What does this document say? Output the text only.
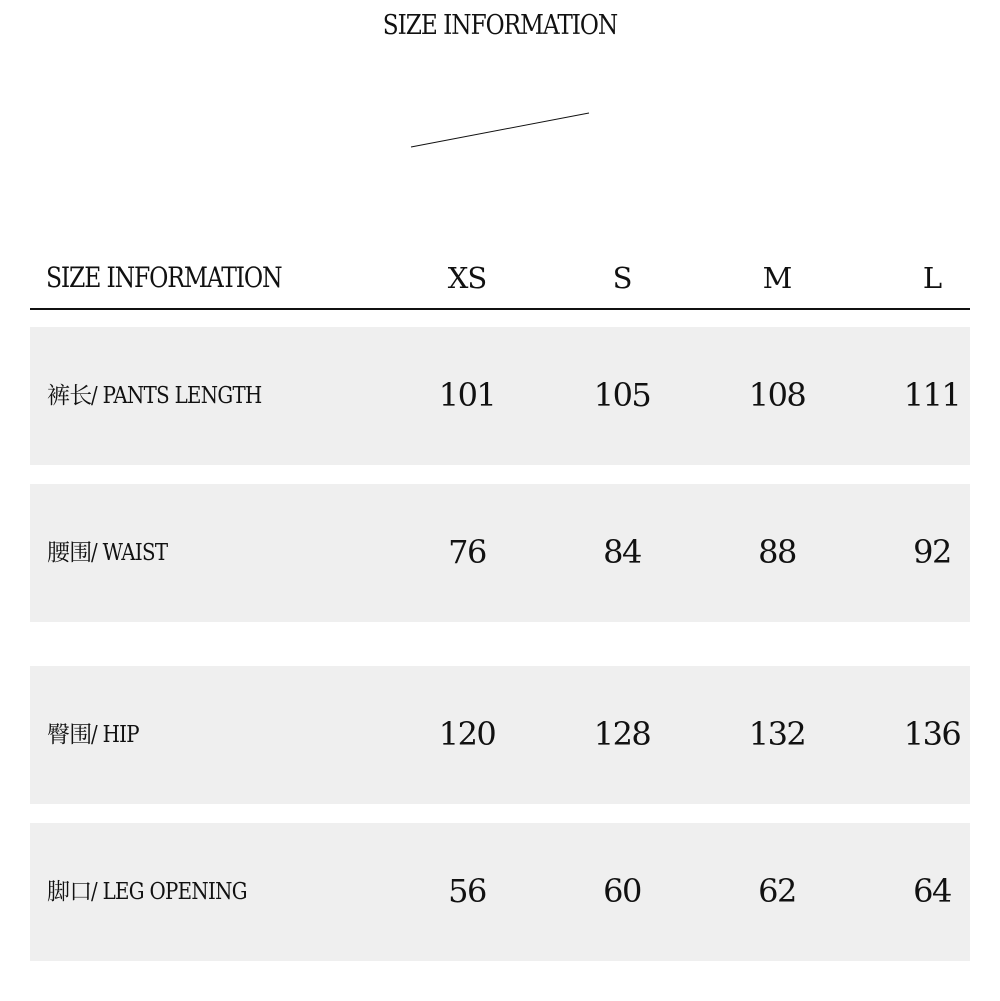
SIZE INFORMATION
SIZE INFORMATION	XS	S	M	L
裤长/ PANTS LENGTH	101	105	108	111
腰围/ WAIST	76	84	88	92
臀围/ HIP	120	128	132	136
脚口/ LEG OPENING	56	60	62	64
